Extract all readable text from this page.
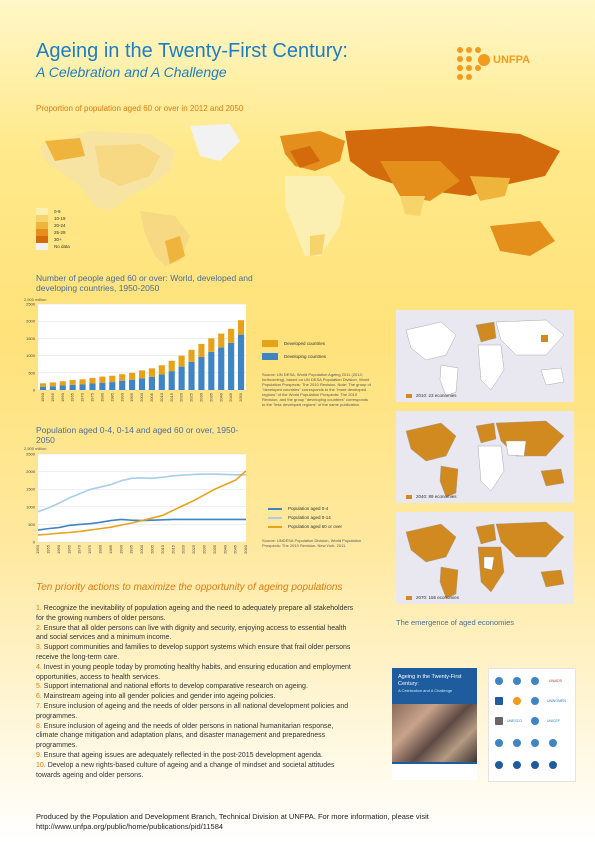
Ageing in the Twenty-First Century:
A Celebration and A Challenge
UNFPA
Proportion of population aged 60 or over in 2012 and 2050
0-9
10-19
20-24
25-29
30+
No data
Number of people aged 60 or over: World, developed and developing countries, 1950-2050
2,500 million
0
500
1000
1500
2000
2500
1950 1955 1960 1965 1970 1975 1980 1985 1990 1995 2000 2005 2010 2015 2020 2025 2030 2035 2040 2045 2050
Source: UN DESA, World Population Ageing 2011 (2012; forthcoming), based on UN DESA Population Division, World Population Prospects: The 2010 Revision. Note: The group of "developed countries" corresponds to the "more developed regions" of the World Population Prospects: The 2010 Revision, and the group "developing countries" corresponds to the "less developed regions" of the same publication.
Population aged 0-4, 0-14 and aged 60 or over, 1950-2050
2,500 million
0
500
1000
1500
2000
2500
1950 1955 1960 1965 1970 1975 1980 1985 1990 1995 2000 2005 2010 2015 2020 2025 2030 2035 2040 2045 2050
Source: UNDESA Population Division, World Population Prospects: The 2010 Revision. New York, 2011.
2010: 23 economies
2040: 89 economies
2070: 155 economies
The emergence of aged economies
Ten priority actions to maximize the opportunity of ageing populations
1. Recognize the inevitability of population ageing and the need to adequately prepare all stakeholders for the growing numbers of older persons.
2. Ensure that all older persons can live with dignity and security, enjoying access to essential health and social services and a minimum income.
3. Support communities and families to develop support systems which ensure that frail older persons receive the long-term care.
4. Invest in young people today by promoting healthy habits, and ensuring education and employment opportunities, access to health services.
5. Support international and national efforts to develop comparative research on ageing.
6. Mainstream ageing into all gender policies and gender into ageing policies.
7. Ensure inclusion of ageing and the needs of older persons in all national development policies and programmes.
8. Ensure inclusion of ageing and the needs of older persons in national humanitarian response, climate change mitigation and adaptation plans, and disaster management and preparedness programmes.
9. Ensure that ageing issues are adequately reflected in the post-2015 development agenda.
10. Develop a new rights-based culture of ageing and a change of mindset and societal attitudes towards ageing and older persons.
Ageing in the Twenty-First Century:
A Celebration and A Challenge
UNAIDS
UNWOMEN
UNESCO	UNICEF
Produced by the Population and Development Branch, Technical Division at UNFPA. For more information, please visit
http://www.unfpa.org/public/home/publications/pid/11584
Developed countries
Developing countries
Population aged 0-4
Population aged 0-14
Population aged 60 or over
